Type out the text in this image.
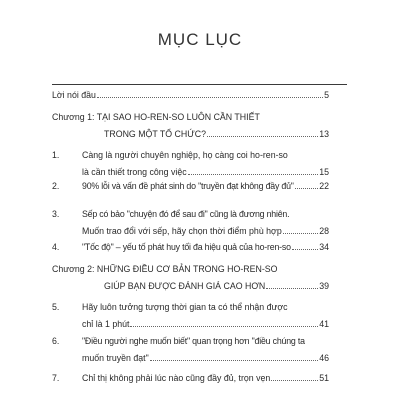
MỤC LỤC
Lời nói đầu	5
Chương 1: TẠI SAO HO-REN-SO LUÔN CẦN THIẾT
TRONG MỘT TỔ CHỨC?	13
1.	Càng là người chuyên nghiệp, họ càng coi ho-ren-so
là cần thiết trong công việc	15
2.	90% lỗi và vấn đề phát sinh do "truyền đạt không đầy đủ"	22
3.	Sếp có bảo "chuyện đó để sau đi" cũng là đương nhiên.
Muốn trao đổi với sếp, hãy chọn thời điểm phù hợp	28
4.	"Tốc độ" – yếu tố phát huy tối đa hiệu quả của ho-ren-so	34
Chương 2: NHỮNG ĐIỀU CƠ BẢN TRONG HO-REN-SO
GIÚP BẠN ĐƯỢC ĐÁNH GIÁ CAO HƠN	39
5.	Hãy luôn tưởng tượng thời gian ta có thể nhận được
chỉ là 1 phút	41
6.	"Điều người nghe muốn biết" quan trọng hơn "điều chúng ta
muốn truyền đạt"	46
7.	Chỉ thị không phải lúc nào cũng đầy đủ, trọn vẹn	51
